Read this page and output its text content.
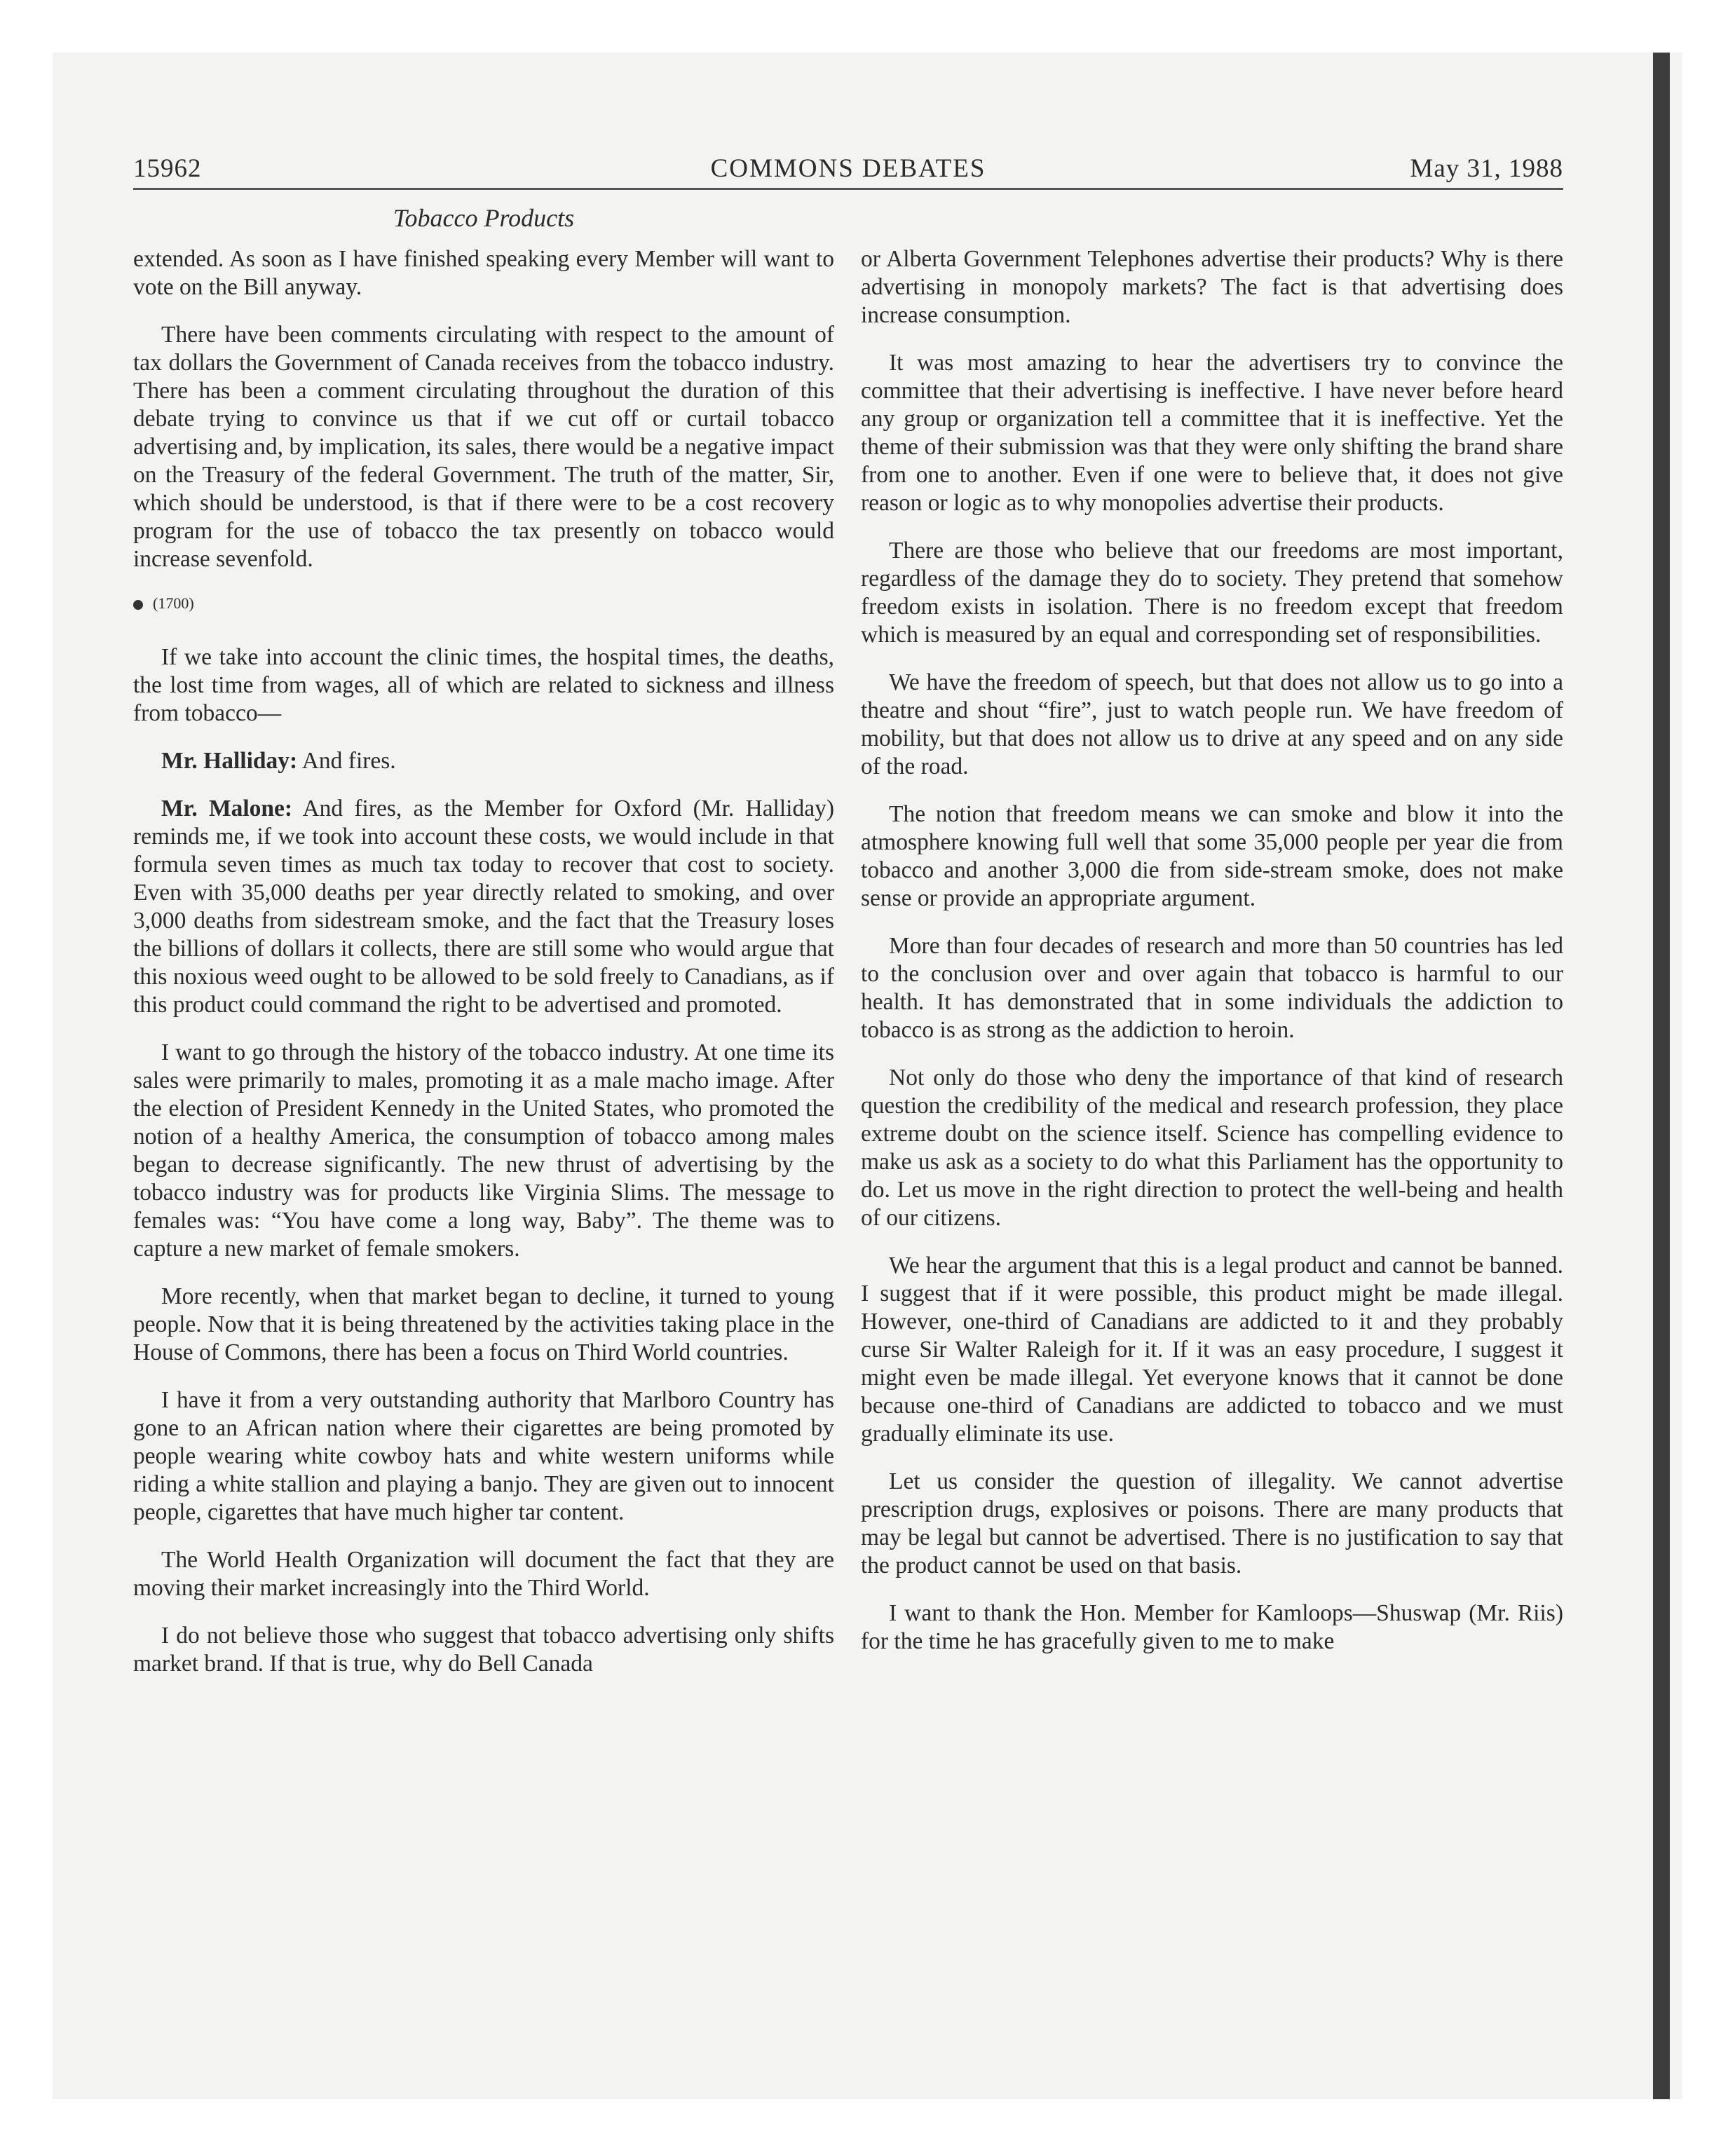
15962	COMMONS DEBATES	May 31, 1988
Tobacco Products

extended. As soon as I have finished speaking every Member will want to vote on the Bill anyway.

There have been comments circulating with respect to the amount of tax dollars the Government of Canada receives from the tobacco industry. There has been a comment circulating throughout the duration of this debate trying to convince us that if we cut off or curtail tobacco advertising and, by implication, its sales, there would be a negative impact on the Treasury of the federal Government. The truth of the matter, Sir, which should be understood, is that if there were to be a cost recovery program for the use of tobacco the tax presently on tobacco would increase sevenfold.

(1700)

If we take into account the clinic times, the hospital times, the deaths, the lost time from wages, all of which are related to sickness and illness from tobacco—

Mr. Halliday: And fires.

Mr. Malone: And fires, as the Member for Oxford (Mr. Halliday) reminds me, if we took into account these costs, we would include in that formula seven times as much tax today to recover that cost to society. Even with 35,000 deaths per year directly related to smoking, and over 3,000 deaths from sidestream smoke, and the fact that the Treasury loses the billions of dollars it collects, there are still some who would argue that this noxious weed ought to be allowed to be sold freely to Canadians, as if this product could command the right to be advertised and promoted.

I want to go through the history of the tobacco industry. At one time its sales were primarily to males, promoting it as a male macho image. After the election of President Kennedy in the United States, who promoted the notion of a healthy America, the consumption of tobacco among males began to decrease significantly. The new thrust of advertising by the tobacco industry was for products like Virginia Slims. The message to females was: “You have come a long way, Baby”. The theme was to capture a new market of female smokers.

More recently, when that market began to decline, it turned to young people. Now that it is being threatened by the activities taking place in the House of Commons, there has been a focus on Third World countries.

I have it from a very outstanding authority that Marlboro Country has gone to an African nation where their cigarettes are being promoted by people wearing white cowboy hats and white western uniforms while riding a white stallion and playing a banjo. They are given out to innocent people, cigarettes that have much higher tar content.

The World Health Organization will document the fact that they are moving their market increasingly into the Third World.

I do not believe those who suggest that tobacco advertising only shifts market brand. If that is true, why do Bell Canada

or Alberta Government Telephones advertise their products? Why is there advertising in monopoly markets? The fact is that advertising does increase consumption.

It was most amazing to hear the advertisers try to convince the committee that their advertising is ineffective. I have never before heard any group or organization tell a committee that it is ineffective. Yet the theme of their submission was that they were only shifting the brand share from one to another. Even if one were to believe that, it does not give reason or logic as to why monopolies advertise their products.

There are those who believe that our freedoms are most important, regardless of the damage they do to society. They pretend that somehow freedom exists in isolation. There is no freedom except that freedom which is measured by an equal and corresponding set of responsibilities.

We have the freedom of speech, but that does not allow us to go into a theatre and shout “fire”, just to watch people run. We have freedom of mobility, but that does not allow us to drive at any speed and on any side of the road.

The notion that freedom means we can smoke and blow it into the atmosphere knowing full well that some 35,000 people per year die from tobacco and another 3,000 die from side-stream smoke, does not make sense or provide an appropriate argument.

More than four decades of research and more than 50 countries has led to the conclusion over and over again that tobacco is harmful to our health. It has demonstrated that in some individuals the addiction to tobacco is as strong as the addiction to heroin.

Not only do those who deny the importance of that kind of research question the credibility of the medical and research profession, they place extreme doubt on the science itself. Science has compelling evidence to make us ask as a society to do what this Parliament has the opportunity to do. Let us move in the right direction to protect the well-being and health of our citizens.

We hear the argument that this is a legal product and cannot be banned. I suggest that if it were possible, this product might be made illegal. However, one-third of Canadians are addicted to it and they probably curse Sir Walter Raleigh for it. If it was an easy procedure, I suggest it might even be made illegal. Yet everyone knows that it cannot be done because one-third of Canadians are addicted to tobacco and we must gradually eliminate its use.

Let us consider the question of illegality. We cannot advertise prescription drugs, explosives or poisons. There are many products that may be legal but cannot be advertised. There is no justification to say that the product cannot be used on that basis.

I want to thank the Hon. Member for Kamloops—Shuswap (Mr. Riis) for the time he has gracefully given to me to make
